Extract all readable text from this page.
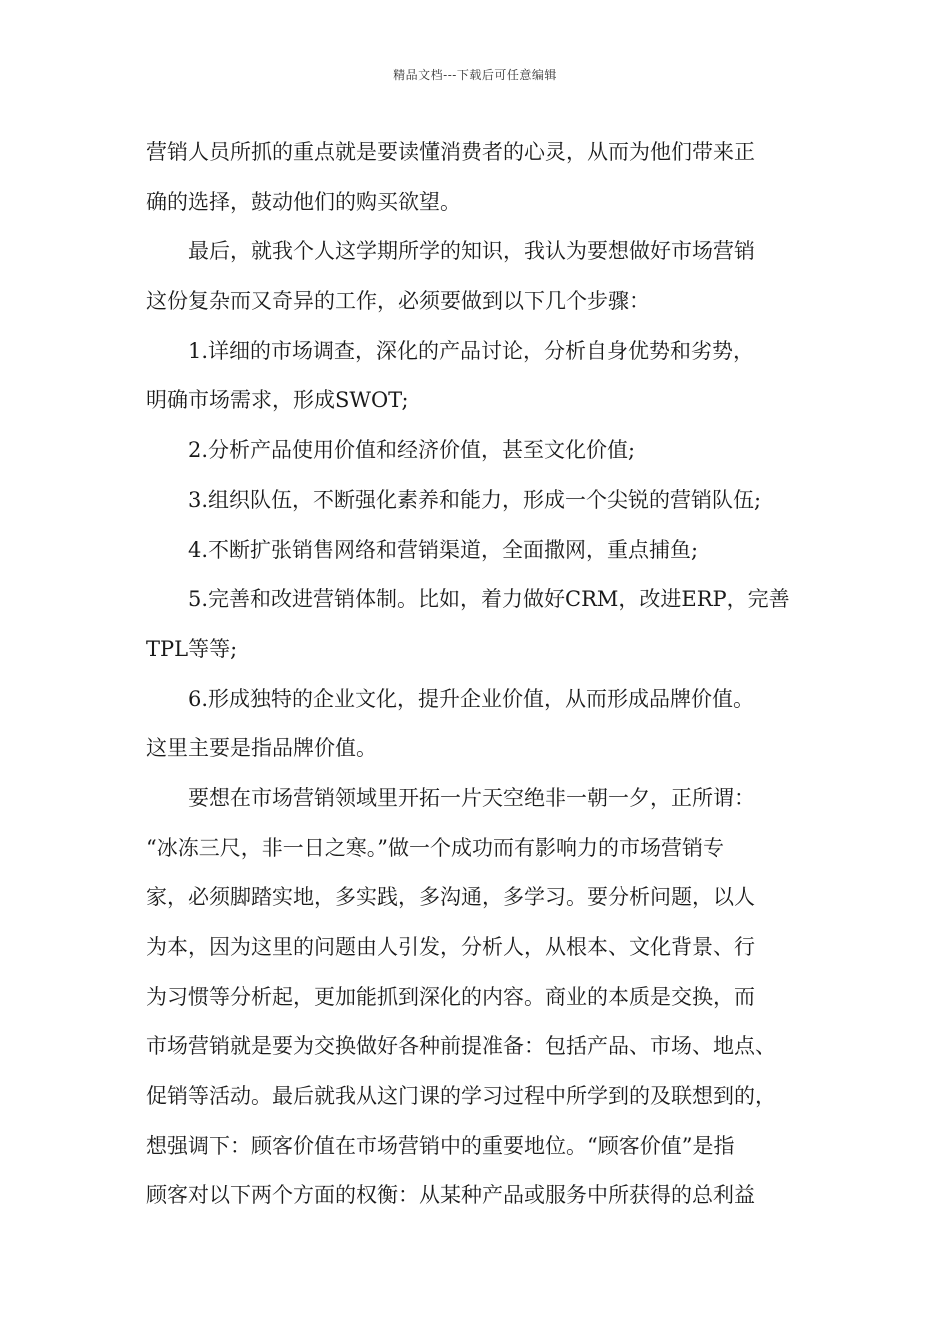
精品文档---下载后可任意编辑
营销人员所抓的重点就是要读懂消费者的心灵，从而为他们带来正
确的选择，鼓动他们的购买欲望。
最后，就我个人这学期所学的知识，我认为要想做好市场营销
这份复杂而又奇异的工作，必须要做到以下几个步骤：
1.详细的市场调查，深化的产品讨论，分析自身优势和劣势，
明确市场需求，形成SWOT;
2.分析产品使用价值和经济价值，甚至文化价值;
3.组织队伍，不断强化素养和能力，形成一个尖锐的营销队伍;
4.不断扩张销售网络和营销渠道，全面撒网，重点捕鱼;
5.完善和改进营销体制。比如，着力做好CRM，改进ERP，完善
TPL等等;
6.形成独特的企业文化，提升企业价值，从而形成品牌价值。
这里主要是指品牌价值。
要想在市场营销领域里开拓一片天空绝非一朝一夕，正所谓：
“冰冻三尺，非一日之寒。”做一个成功而有影响力的市场营销专
家，必须脚踏实地，多实践，多沟通，多学习。要分析问题，以人
为本，因为这里的问题由人引发，分析人，从根本、文化背景、行
为习惯等分析起，更加能抓到深化的内容。商业的本质是交换，而
市场营销就是要为交换做好各种前提准备：包括产品、市场、地点、
促销等活动。最后就我从这门课的学习过程中所学到的及联想到的，
想强调下：顾客价值在市场营销中的重要地位。“顾客价值”是指
顾客对以下两个方面的权衡：从某种产品或服务中所获得的总利益
